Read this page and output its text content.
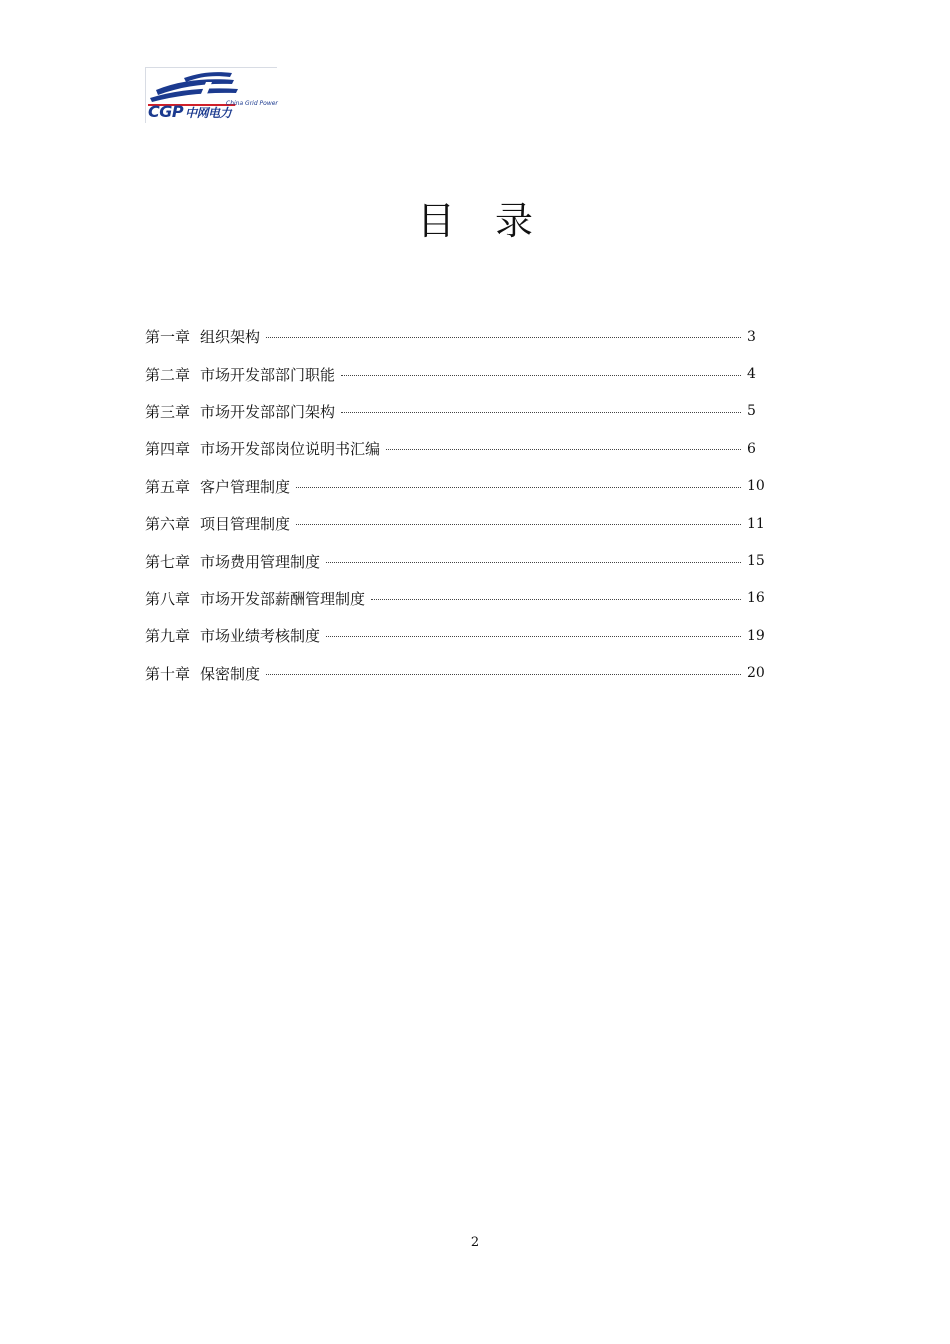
CGP 中网电力
China Grid Power
目录
第一章 组织架构	3
第二章 市场开发部部门职能	4
第三章 市场开发部部门架构	5
第四章 市场开发部岗位说明书汇编	6
第五章 客户管理制度	10
第六章 项目管理制度	11
第七章 市场费用管理制度	15
第八章 市场开发部薪酬管理制度	16
第九章 市场业绩考核制度	19
第十章 保密制度	20
2
